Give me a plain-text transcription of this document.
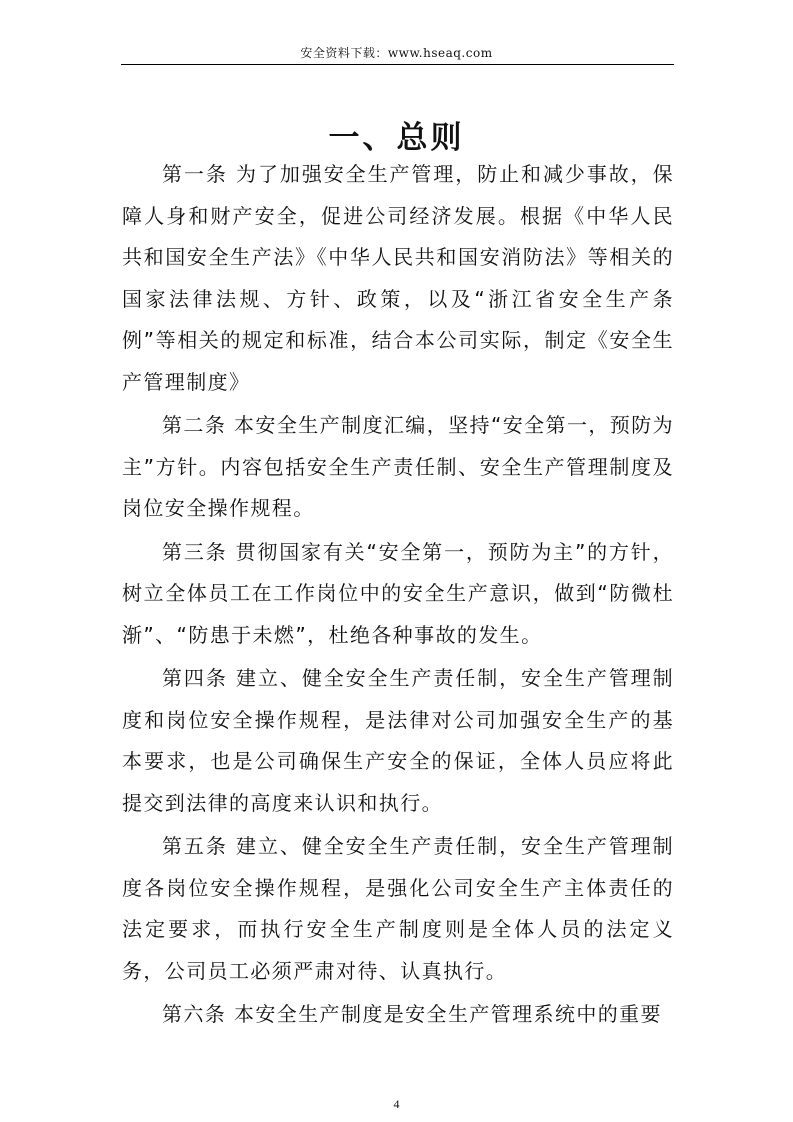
安全资料下载：www.hseaq.com
一、总则

第一条 为了加强安全生产管理，防止和减少事故，保障人身和财产安全，促进公司经济发展。根据《中华人民共和国安全生产法》《中华人民共和国安消防法》等相关的国家法律法规、方针、政策，以及“浙江省安全生产条例”等相关的规定和标准，结合本公司实际，制定《安全生产管理制度》

第二条 本安全生产制度汇编，坚持“安全第一，预防为主”方针。内容包括安全生产责任制、安全生产管理制度及岗位安全操作规程。

第三条 贯彻国家有关“安全第一，预防为主”的方针，树立全体员工在工作岗位中的安全生产意识，做到“防微杜渐”、“防患于未燃”，杜绝各种事故的发生。

第四条 建立、健全安全生产责任制，安全生产管理制度和岗位安全操作规程，是法律对公司加强安全生产的基本要求，也是公司确保生产安全的保证，全体人员应将此提交到法律的高度来认识和执行。

第五条 建立、健全安全生产责任制，安全生产管理制度各岗位安全操作规程，是强化公司安全生产主体责任的法定要求，而执行安全生产制度则是全体人员的法定义务，公司员工必须严肃对待、认真执行。

第六条 本安全生产制度是安全生产管理系统中的重要

4
